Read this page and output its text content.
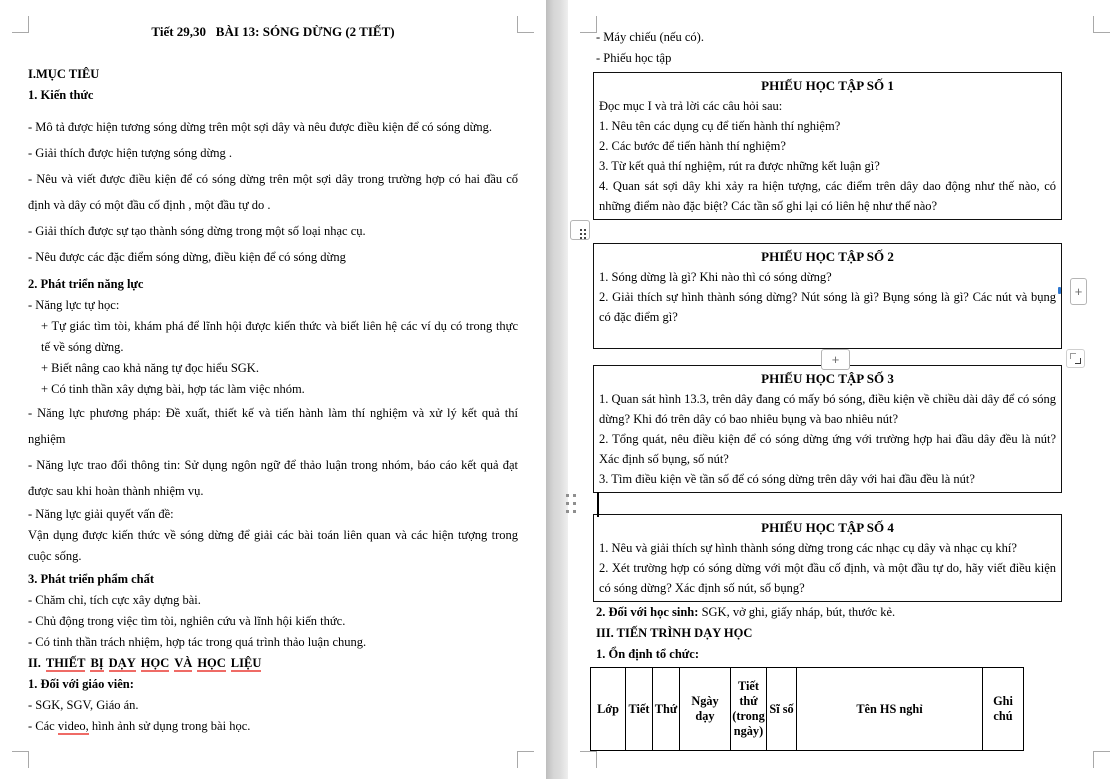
Tiết 29,30   BÀI 13: SÓNG DỪNG (2 TIẾT)
I.MỤC TIÊU
1. Kiến thức
- Mô tả được hiện tương sóng dừng trên một sợi dây và nêu được điều kiện để có sóng dừng.
- Giải thích được hiện tượng sóng dừng .
- Nêu và viết được điều kiện để có sóng dừng trên một sợi dây trong trường hợp có hai đầu cố định và dây có một đầu cố định , một đầu tự do .
- Giải thích được sự tạo thành sóng dừng trong một số loại nhạc cụ.
- Nêu được các đặc điểm sóng dừng, điều kiện để có sóng dừng
2. Phát triển năng lực
- Năng lực tự học:
+ Tự giác tìm tòi, khám phá để lĩnh hội được kiến thức và biết liên hệ các ví dụ có trong thực tế về sóng dừng.
+ Biết nâng cao khả năng tự đọc hiểu SGK.
+ Có tinh thần xây dựng bài, hợp tác làm việc nhóm.
- Năng lực phương pháp: Đề xuất, thiết kế và tiến hành làm thí nghiệm và xử lý kết quả thí nghiệm
- Năng lực trao đổi thông tin: Sử dụng ngôn ngữ để thảo luận trong nhóm, báo cáo kết quả đạt được sau khi hoàn thành nhiệm vụ.
- Năng lực giải quyết vấn đề:
Vận dụng được kiến thức về sóng dừng để giải các bài toán liên quan và các hiện tượng trong cuộc sống.
3. Phát triển phẩm chất
- Chăm chỉ, tích cực xây dựng bài.
- Chủ động trong việc tìm tòi, nghiên cứu và lĩnh hội kiến thức.
- Có tinh thần trách nhiệm, hợp tác trong quá trình thảo luận chung.
II. THIẾT BỊ DẠY HỌC VÀ HỌC LIỆU
1. Đối với giáo viên:
- SGK, SGV, Giáo án.
- Các video, hình ảnh sử dụng trong bài học.
- Máy chiếu (nếu có).
- Phiếu học tập
PHIẾU HỌC TẬP SỐ 1
Đọc mục I và trả lời các câu hỏi sau:
1. Nêu tên các dụng cụ để tiến hành thí nghiệm?
2. Các bước để tiến hành thí nghiệm?
3. Từ kết quả thí nghiệm, rút ra được những kết luận gì?
4. Quan sát sợi dây khi xảy ra hiện tượng, các điểm trên dây dao động như thế nào, có những điểm nào đặc biệt? Các tần số ghi lại có liên hệ như thế nào?
PHIẾU HỌC TẬP SỐ 2
1. Sóng dừng là gì? Khi nào thì có sóng dừng?
2. Giải thích sự hình thành sóng dừng? Nút sóng là gì? Bụng sóng là gì? Các nút và bụng có đặc điểm gì?
PHIẾU HỌC TẬP SỐ 3
1. Quan sát hình 13.3, trên dây đang có mấy bó sóng, điều kiện về chiều dài dây để có sóng dừng? Khi đó trên dây có bao nhiêu bụng và bao nhiêu nút?
2. Tổng quát, nêu điều kiện để có sóng dừng ứng với trường hợp hai đầu dây đều là nút? Xác định số bụng, số nút?
3. Tìm điều kiện về tần số để có sóng dừng trên dây với hai đầu đều là nút?
PHIẾU HỌC TẬP SỐ 4
1. Nêu và giải thích sự hình thành sóng dừng trong các nhạc cụ dây và nhạc cụ khí?
2. Xét trường hợp có sóng dừng với một đầu cố định, và một đầu tự do, hãy viết điều kiện có sóng dừng? Xác định số nút, số bụng?
2. Đối với học sinh: SGK, vở ghi, giấy nháp, bút, thước kẻ.
III. TIẾN TRÌNH DẠY HỌC
1. Ổn định tổ chức:
Lớp	Tiết	Thứ	Ngày dạy	Tiết thứ (trong ngày)	Sĩ số	Tên HS nghỉ	Ghi chú
+
+
